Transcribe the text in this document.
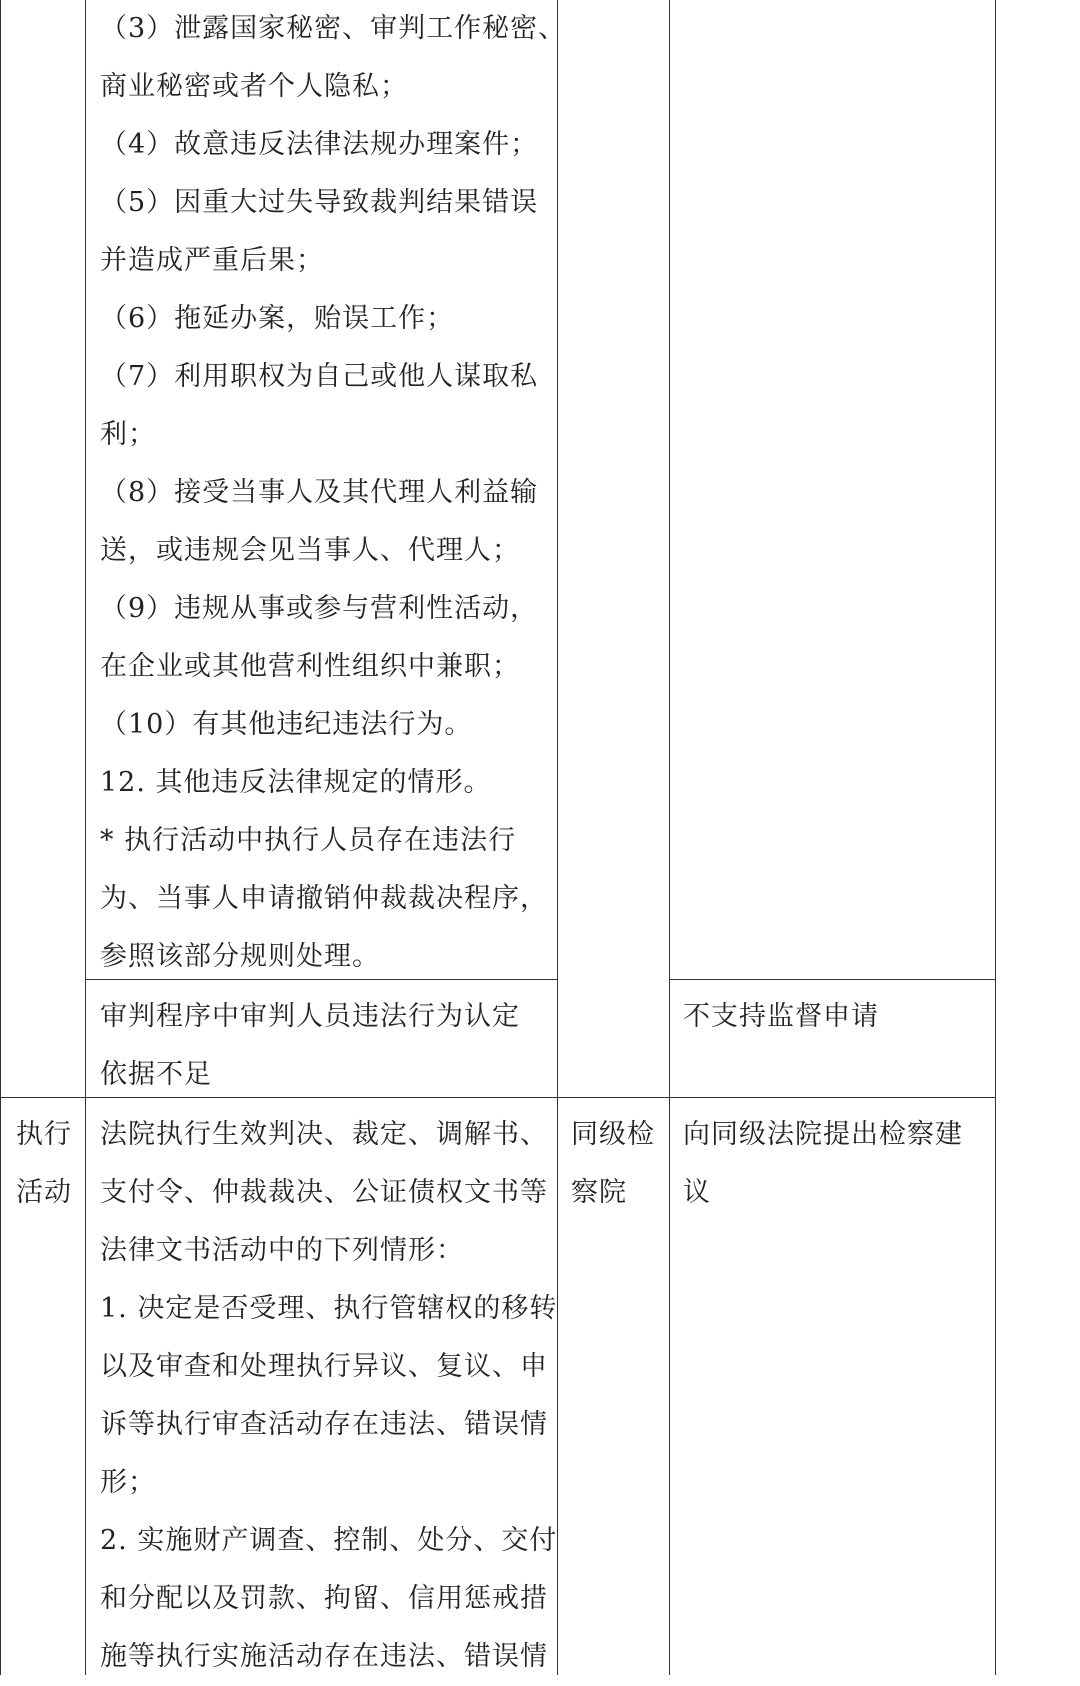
（3）泄露国家秘密、审判工作秘密、
商业秘密或者个人隐私；
（4）故意违反法律法规办理案件；
（5）因重大过失导致裁判结果错误
并造成严重后果；
（6）拖延办案，贻误工作；
（7）利用职权为自己或他人谋取私
利；
（8）接受当事人及其代理人利益输
送，或违规会见当事人、代理人；
（9）违规从事或参与营利性活动，
在企业或其他营利性组织中兼职；
（10）有其他违纪违法行为。
12. 其他违反法律规定的情形。
* 执行活动中执行人员存在违法行
为、当事人申请撤销仲裁裁决程序，
参照该部分规则处理。
审判程序中审判人员违法行为认定
依据不足
不支持监督申请
执行
活动
法院执行生效判决、裁定、调解书、
支付令、仲裁裁决、公证债权文书等
法律文书活动中的下列情形：
1. 决定是否受理、执行管辖权的移转
以及审查和处理执行异议、复议、申
诉等执行审查活动存在违法、错误情
形；
2. 实施财产调查、控制、处分、交付
和分配以及罚款、拘留、信用惩戒措
施等执行实施活动存在违法、错误情
同级检
察院
向同级法院提出检察建
议
